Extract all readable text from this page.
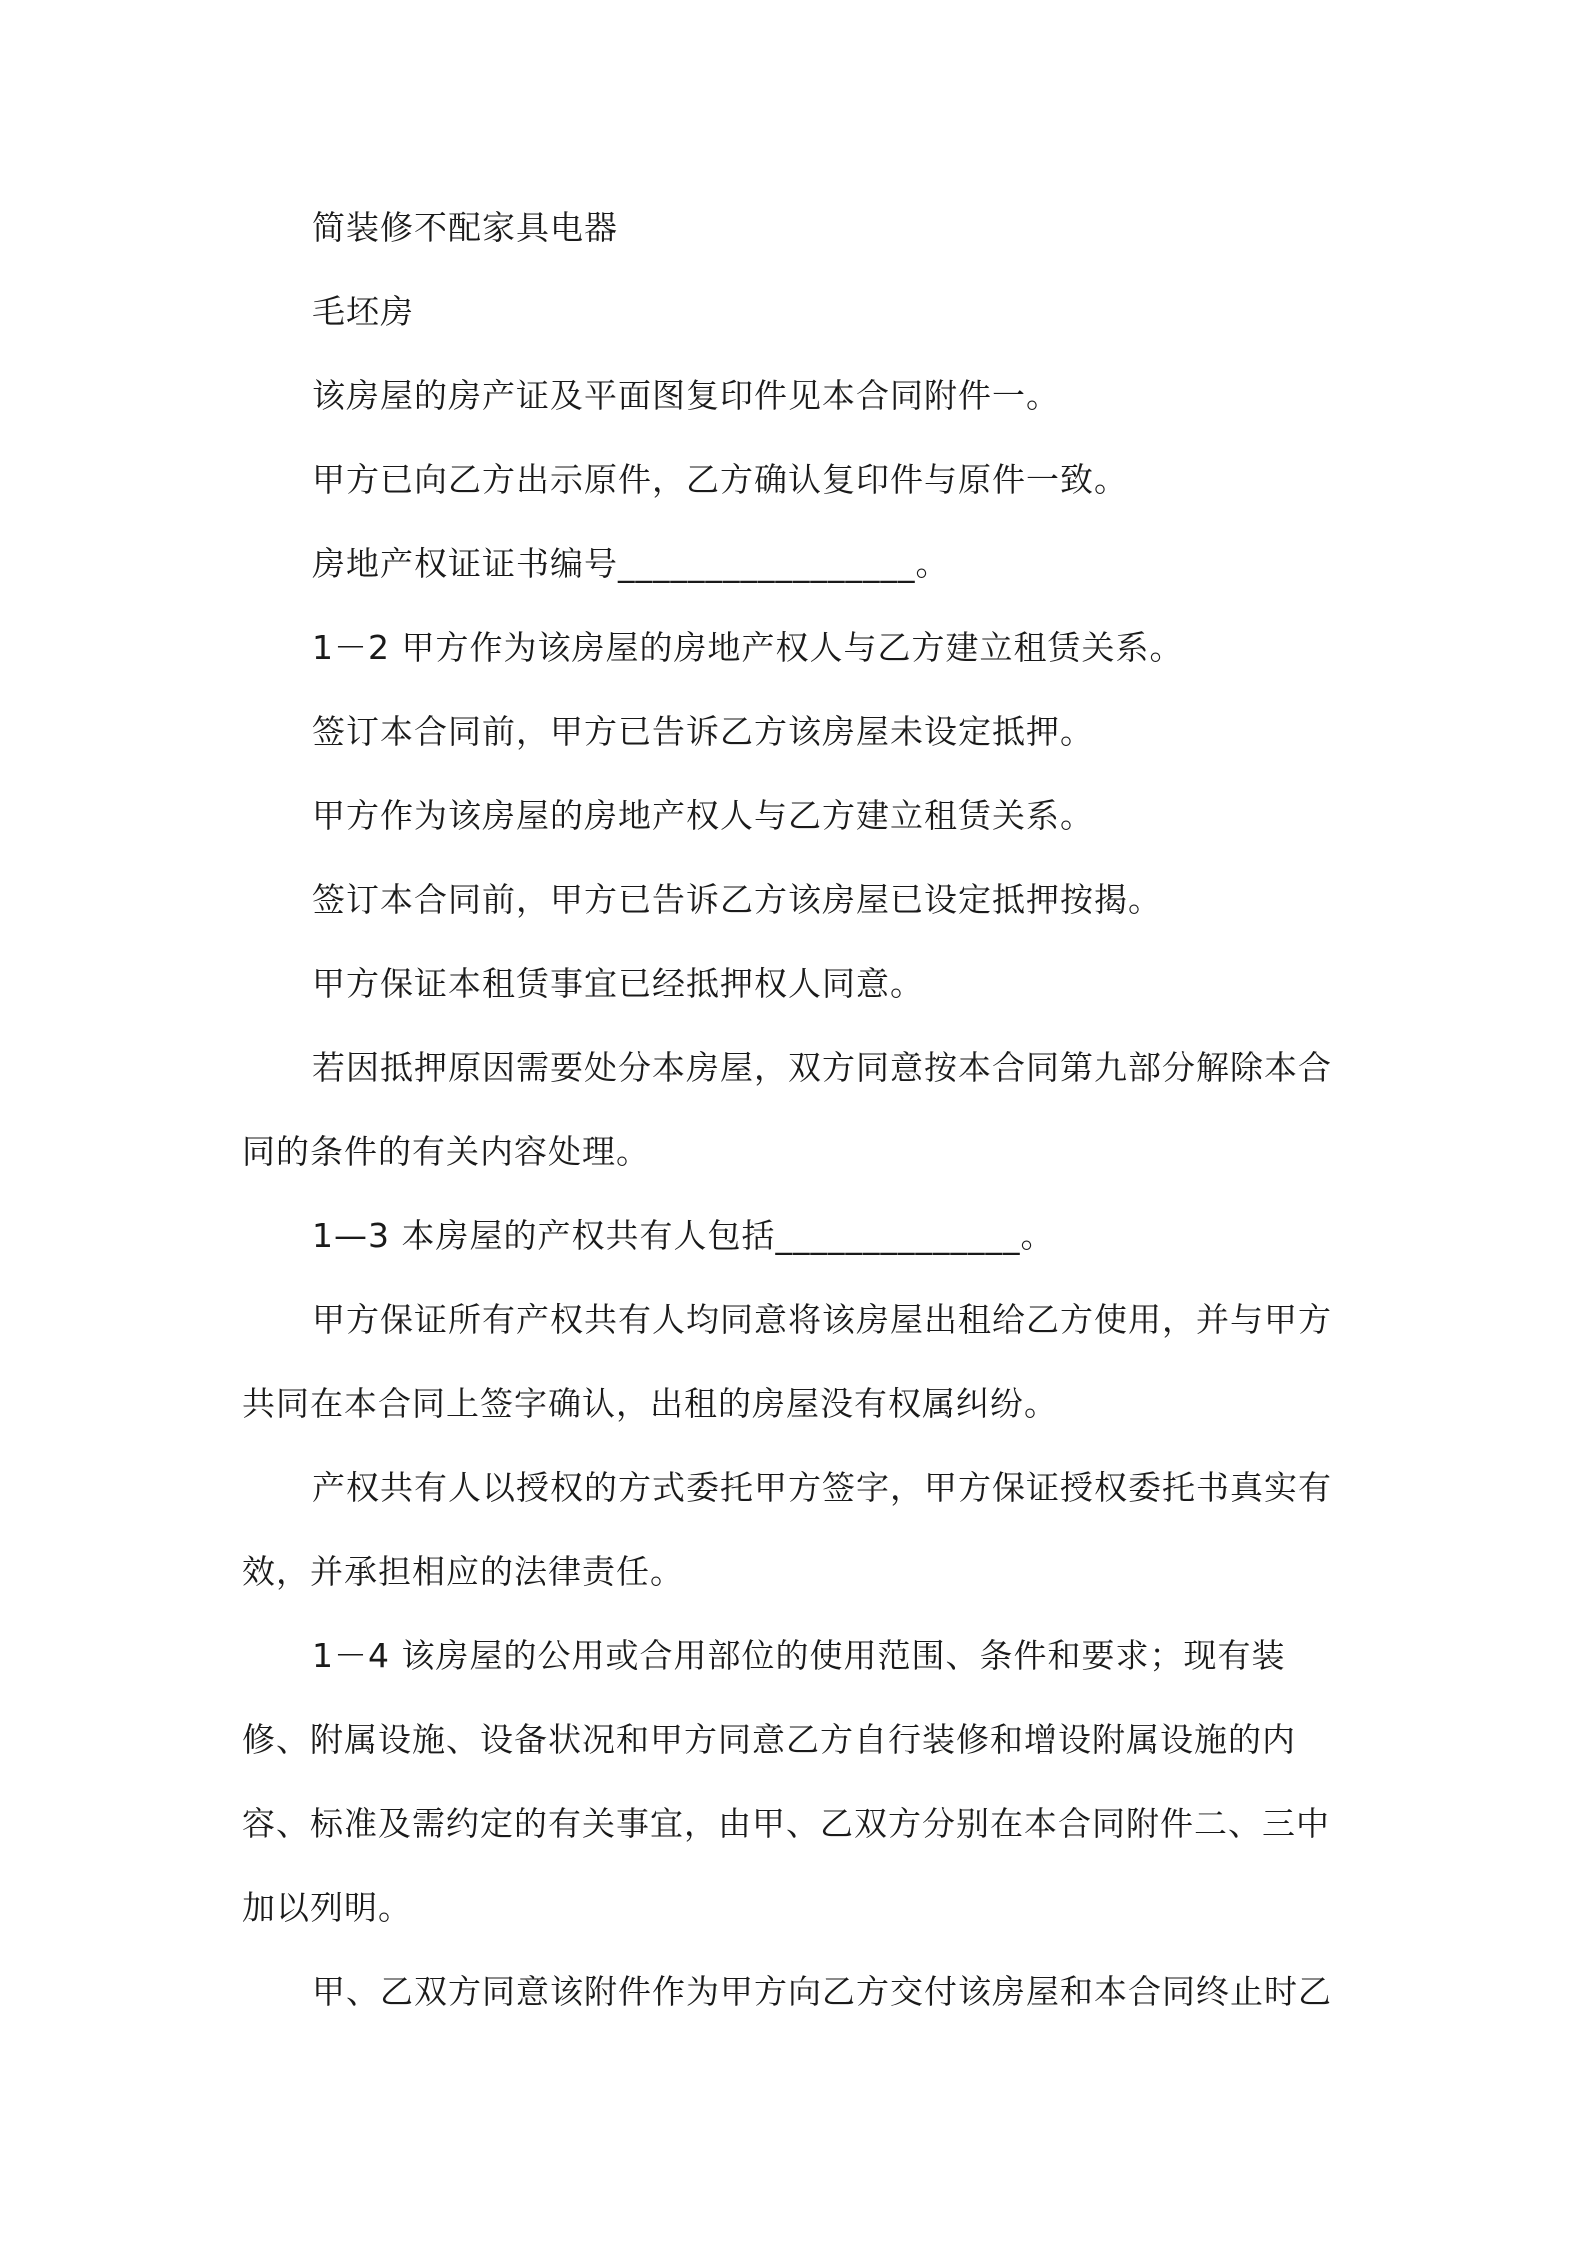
简装修不配家具电器

毛坯房

该房屋的房产证及平面图复印件见本合同附件一。

甲方已向乙方出示原件，乙方确认复印件与原件一致。

房地产权证证书编号_________________。

1－2 甲方作为该房屋的房地产权人与乙方建立租赁关系。

签订本合同前，甲方已告诉乙方该房屋未设定抵押。

甲方作为该房屋的房地产权人与乙方建立租赁关系。

签订本合同前，甲方已告诉乙方该房屋已设定抵押按揭。

甲方保证本租赁事宜已经抵押权人同意。

若因抵押原因需要处分本房屋，双方同意按本合同第九部分解除本合同的条件的有关内容处理。

1—3 本房屋的产权共有人包括______________。

甲方保证所有产权共有人均同意将该房屋出租给乙方使用，并与甲方共同在本合同上签字确认，出租的房屋没有权属纠纷。

产权共有人以授权的方式委托甲方签字，甲方保证授权委托书真实有效，并承担相应的法律责任。

1－4 该房屋的公用或合用部位的使用范围、条件和要求；现有装修、附属设施、设备状况和甲方同意乙方自行装修和增设附属设施的内容、标准及需约定的有关事宜，由甲、乙双方分别在本合同附件二、三中加以列明。

甲、乙双方同意该附件作为甲方向乙方交付该房屋和本合同终止时乙
